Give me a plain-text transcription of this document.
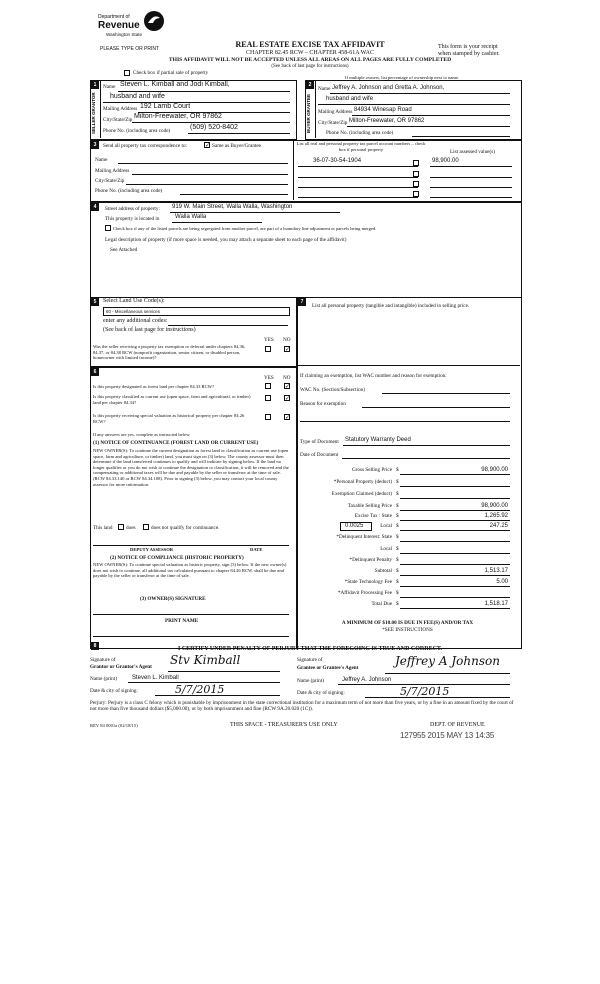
Department of
Revenue
Washington State
PLEASE TYPE OR PRINT	REAL ESTATE EXCISE TAX AFFIDAVIT
CHAPTER 82.45 RCW – CHAPTER 458-61A WAC
THIS AFFIDAVIT WILL NOT BE ACCEPTED UNLESS ALL AREAS ON ALL PAGES ARE FULLY COMPLETED
(See back of last page for instructions)
This form is your receipt
when stamped by cashier.
Check box if partial sale of property
If multiple owners, list percentage of ownership next to name.
1
SELLER GRANTOR
Name Steven L. Kimball and Jodi Kimball,
husband and wife
Mailing Address 192 Lamb Court
City/State/Zip Milton-Freewater, OR 97862
Phone No. (including area code)	(509) 520-8402
2
BUYER GRANTEE
Name Jeffrey A. Johnson and Gretta A. Johnson,
husband and wife
Mailing Address 84934 Winesap Road
City/State/Zip Milton-Freewater, OR 97862
Phone No. (including area code)
3	Send all property tax correspondence to:	✓ Same as Buyer/Grantee
Name
Mailing Address
City/State/Zip
Phone No. (including area code)
List all real and personal property tax parcel account numbers – check box if personal property	List assessed value(s)
36-07-30-54-1904	98,900.00
4	Street address of property: 919 W. Main Street, Walla Walla, Washington
This property is located in	Walla Walla
Check box if any of the listed parcels are being segregated from another parcel, are part of a boundary line adjustment or parcels being merged.
Legal description of property (if more space is needed, you may attach a separate sheet to each page of the affidavit)
See Attached
5	Select Land Use Code(s):
60 - Miscellaneous services
enter any additional codes:
(See back of last page for instructions)
YES NO
Was the seller receiving a property tax exemption or deferral under chapters 84.36, 84.37, or 84.38 RCW (nonprofit organization, senior citizen, or disabled person, homeowner with limited income)?
✓
6
YES NO
Is this property designated as forest land per chapter 84.33 RCW?	✓
Is this property classified as current use (open space, farm and agricultural, or timber) land per chapter 84.34?
✓
Is this property receiving special valuation as historical property per chapter 84.26 RCW?
✓
If any answers are yes, complete as instructed below.
(1) NOTICE OF CONTINUANCE (FOREST LAND OR CURRENT USE)
NEW OWNER(S): To continue the current designation as forest land or classification as current use (open space, farm and agriculture, or timber) land, you must sign on (3) below. The county assessor must then determine if the land transferred continues to qualify and will indicate by signing below. If the land no longer qualifies or you do not wish to continue the designation or classification, it will be removed and the compensating or additional taxes will be due and payable by the seller or transferor at the time of sale. (RCW 84.33.140 or RCW 84.34.108). Prior to signing (3) below, you may contact your local county assessor for more information.
This land	does	does not qualify for continuance.
DEPUTY ASSESSOR	DATE
(2) NOTICE OF COMPLIANCE (HISTORIC PROPERTY)
NEW OWNER(S): To continue special valuation as historic property, sign (3) below. If the new owner(s) does not wish to continue, all additional tax calculated pursuant to chapter 84.26 RCW, shall be due and payable by the seller or transferor at the time of sale.
(3) OWNER(S) SIGNATURE
PRINT NAME
7
List all personal property (tangible and intangible) included in selling price.
If claiming an exemption, list WAC number and reason for exemption:
WAC No. (Section/Subsection)
Reason for exemption
Type of Document Statutory Warranty Deed
Date of Document
Gross Selling Price $	98,900.00
*Personal Property (deduct) $
Exemption Claimed (deduct) $
Taxable Selling Price $	98,900.00
Excise Tax : State $	1,265.92
0.0025	Local $	247.25
*Delinquent Interest: State $
Local $
*Delinquent Penalty $
Subtotal $	1,513.17
*State Technology Fee $	5.00
*Affidavit Processing Fee $
Total Due $	1,518.17
A MINIMUM OF $10.00 IS DUE IN FEE(S) AND/OR TAX
*SEE INSTRUCTIONS
8	I CERTIFY UNDER PENALTY OF PERJURY THAT THE FOREGOING IS TRUE AND CORRECT.
Signature of
Grantor or Grantor's Agent Stv Kimball
Name (print)	Steven L. Kimball
Date & city of signing:	5/7/2015
Signature of
Grantee or Grantee's Agent	Jeffrey A Johnson
Name (print)	Jeffrey A. Johnson
Date & city of signing:	5/7/2015
Perjury: Perjury is a class C felony which is punishable by imprisonment in the state correctional institution for a maximum term of not more than five years, or by a fine in an amount fixed by the court of not more than five thousand dollars ($5,000.00), or by both imprisonment and fine (RCW 9A.20.020 (1C)).
REV 84 0001a (02/18/15)	THIS SPACE - TREASURER'S USE ONLY	DEPT. OF REVENUE
127955 2015 MAY 13 14:35
